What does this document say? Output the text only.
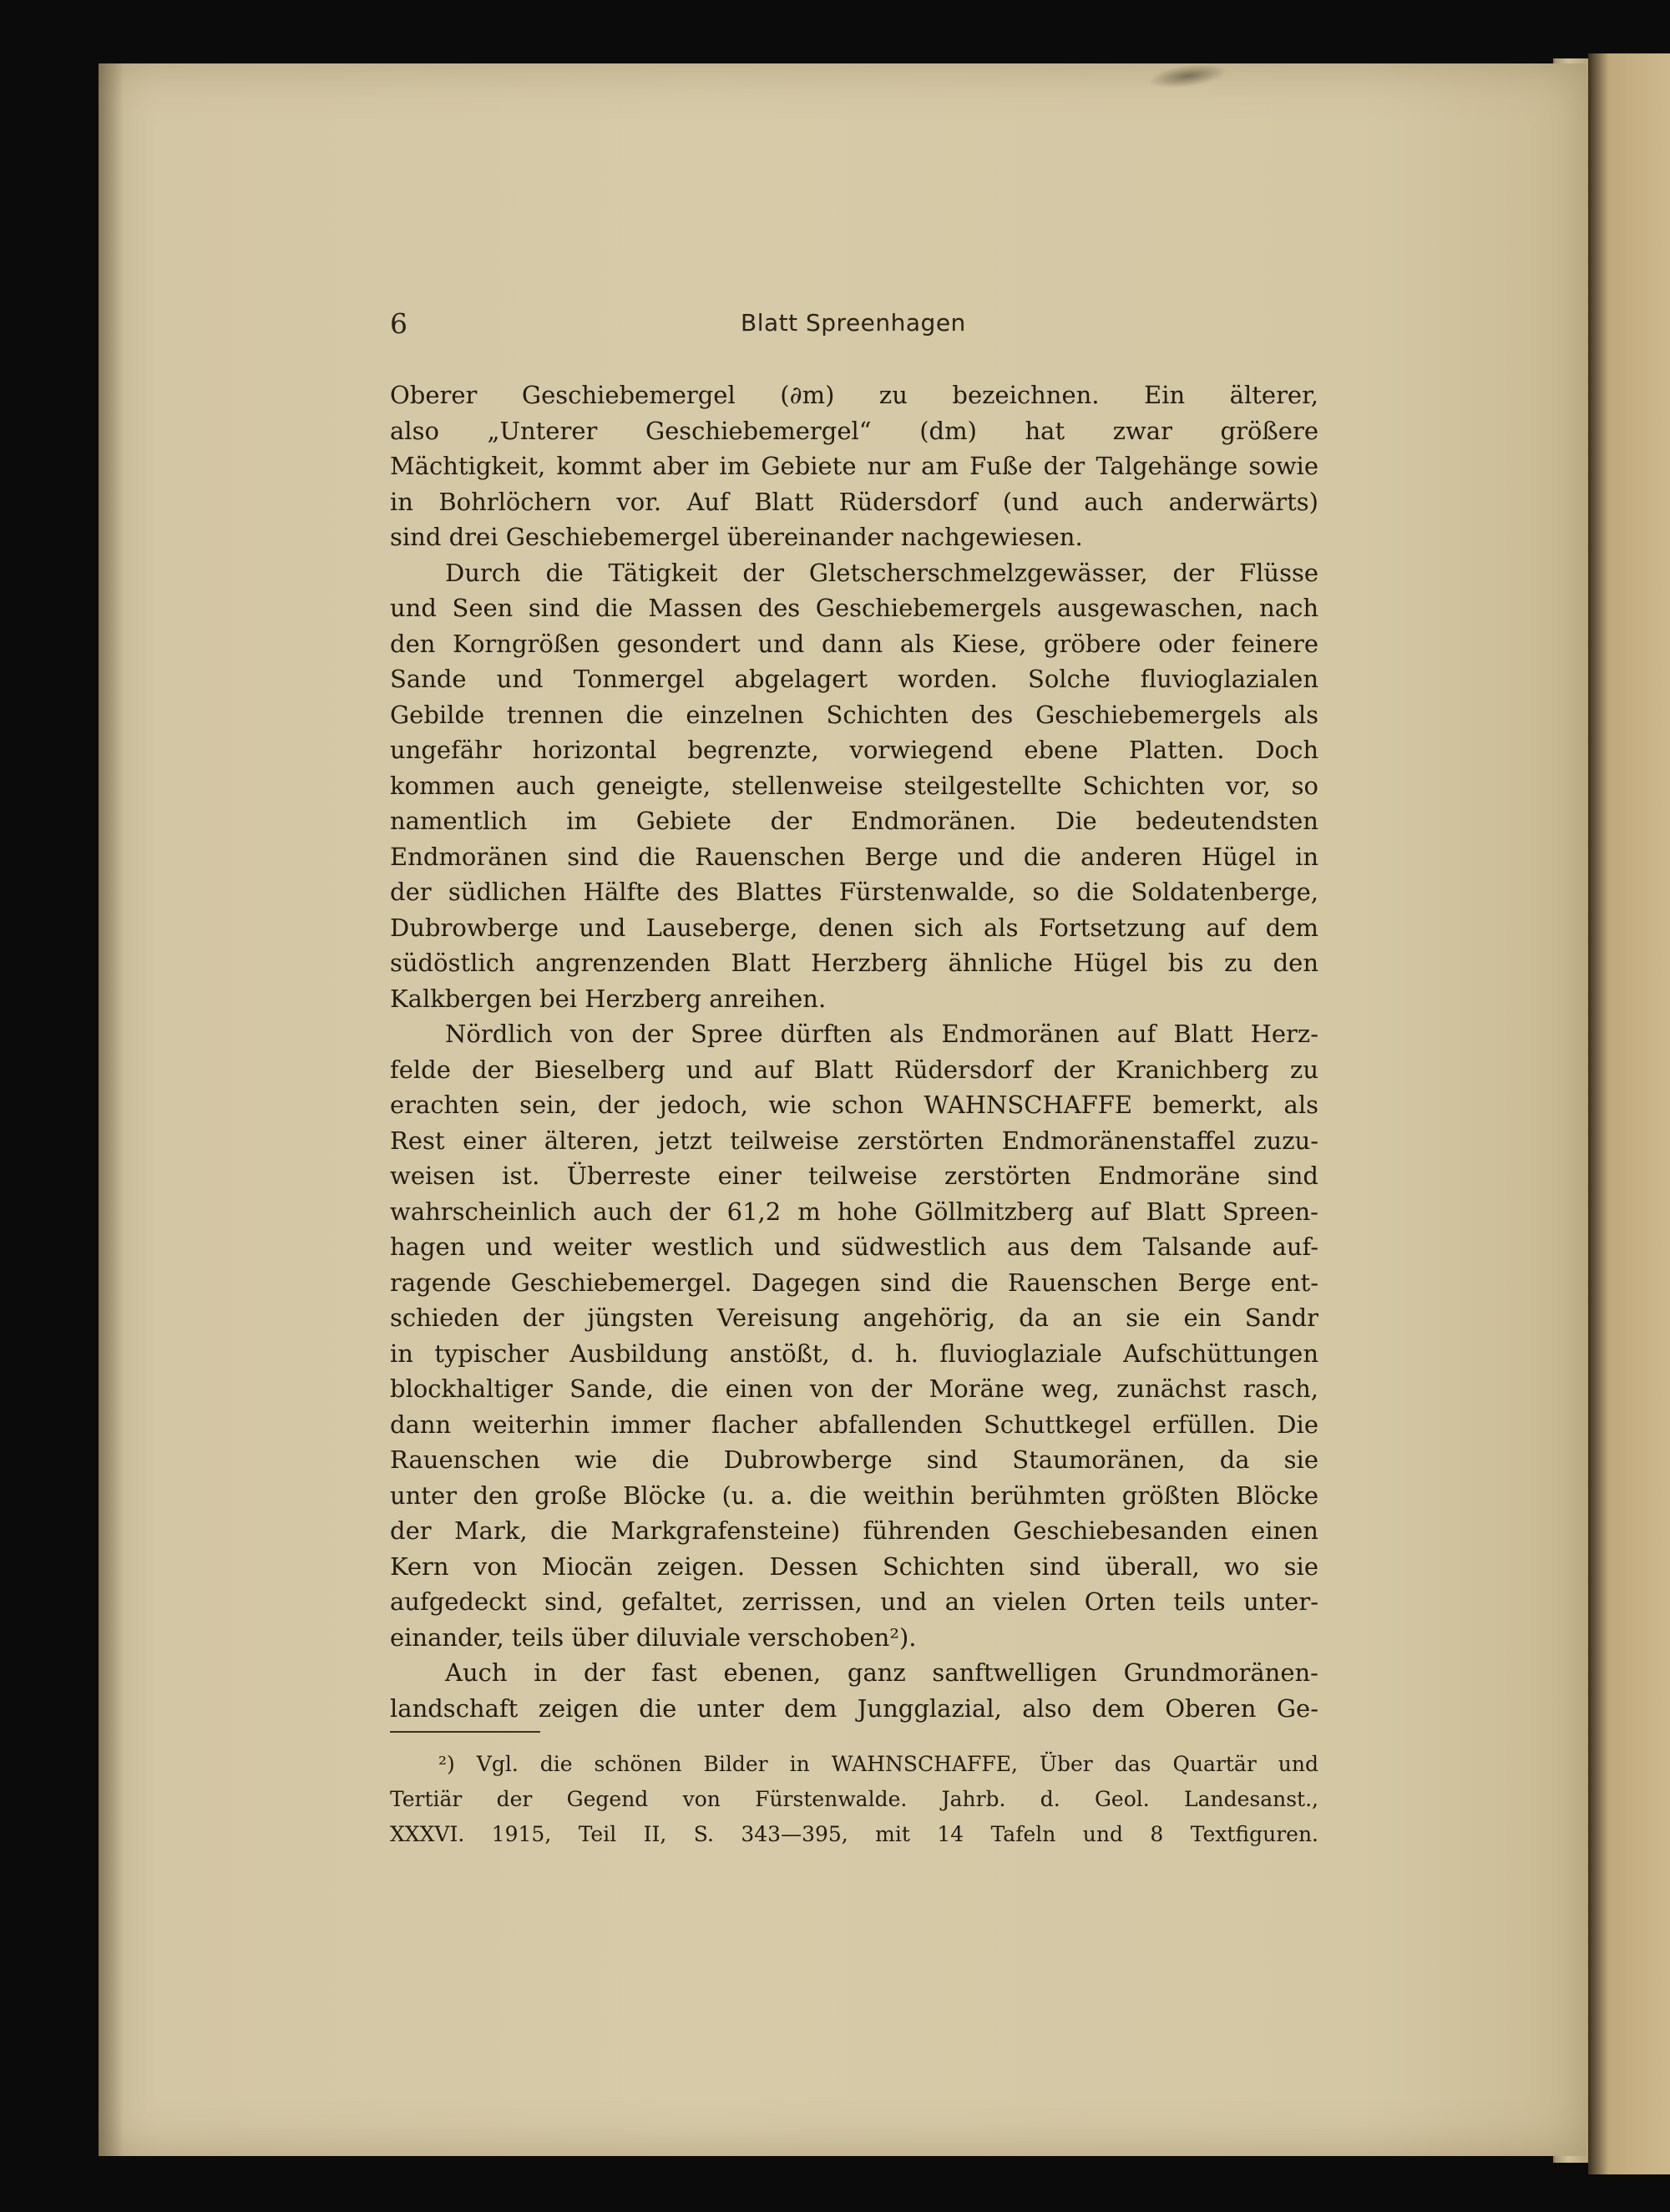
6	Blatt Spreenhagen
Oberer Geschiebemergel (∂m) zu bezeichnen. Ein älterer,
also „Unterer Geschiebemergel“ (dm) hat zwar größere
Mächtigkeit, kommt aber im Gebiete nur am Fuße der Talgehänge sowie
in Bohrlöchern vor. Auf Blatt Rüdersdorf (und auch anderwärts)
sind drei Geschiebemergel übereinander nachgewiesen.
Durch die Tätigkeit der Gletscherschmelzgewässer, der Flüsse
und Seen sind die Massen des Geschiebemergels ausgewaschen, nach
den Korngrößen gesondert und dann als Kiese, gröbere oder feinere
Sande und Tonmergel abgelagert worden. Solche fluvioglazialen
Gebilde trennen die einzelnen Schichten des Geschiebemergels als
ungefähr horizontal begrenzte, vorwiegend ebene Platten. Doch
kommen auch geneigte, stellenweise steilgestellte Schichten vor, so
namentlich im Gebiete der Endmoränen. Die bedeutendsten
Endmoränen sind die Rauenschen Berge und die anderen Hügel in
der südlichen Hälfte des Blattes Fürstenwalde, so die Soldatenberge,
Dubrowberge und Lauseberge, denen sich als Fortsetzung auf dem
südöstlich angrenzenden Blatt Herzberg ähnliche Hügel bis zu den
Kalkbergen bei Herzberg anreihen.
Nördlich von der Spree dürften als Endmoränen auf Blatt Herz-
felde der Bieselberg und auf Blatt Rüdersdorf der Kranichberg zu
erachten sein, der jedoch, wie schon WAHNSCHAFFE bemerkt, als
Rest einer älteren, jetzt teilweise zerstörten Endmoränenstaffel zuzu-
weisen ist. Überreste einer teilweise zerstörten Endmoräne sind
wahrscheinlich auch der 61,2 m hohe Göllmitzberg auf Blatt Spreen-
hagen und weiter westlich und südwestlich aus dem Talsande auf-
ragende Geschiebemergel. Dagegen sind die Rauenschen Berge ent-
schieden der jüngsten Vereisung angehörig, da an sie ein Sandr
in typischer Ausbildung anstößt, d. h. fluvioglaziale Aufschüttungen
blockhaltiger Sande, die einen von der Moräne weg, zunächst rasch,
dann weiterhin immer flacher abfallenden Schuttkegel erfüllen. Die
Rauenschen wie die Dubrowberge sind Staumoränen, da sie
unter den große Blöcke (u. a. die weithin berühmten größten Blöcke
der Mark, die Markgrafensteine) führenden Geschiebesanden einen
Kern von Miocän zeigen. Dessen Schichten sind überall, wo sie
aufgedeckt sind, gefaltet, zerrissen, und an vielen Orten teils unter-
einander, teils über diluviale verschoben²).
Auch in der fast ebenen, ganz sanftwelligen Grundmoränen-
landschaft zeigen die unter dem Jungglazial, also dem Oberen Ge-
²) Vgl. die schönen Bilder in WAHNSCHAFFE, Über das Quartär und
Tertiär der Gegend von Fürstenwalde. Jahrb. d. Geol. Landesanst.,
XXXVI. 1915, Teil II, S. 343—395, mit 14 Tafeln und 8 Textfiguren.
